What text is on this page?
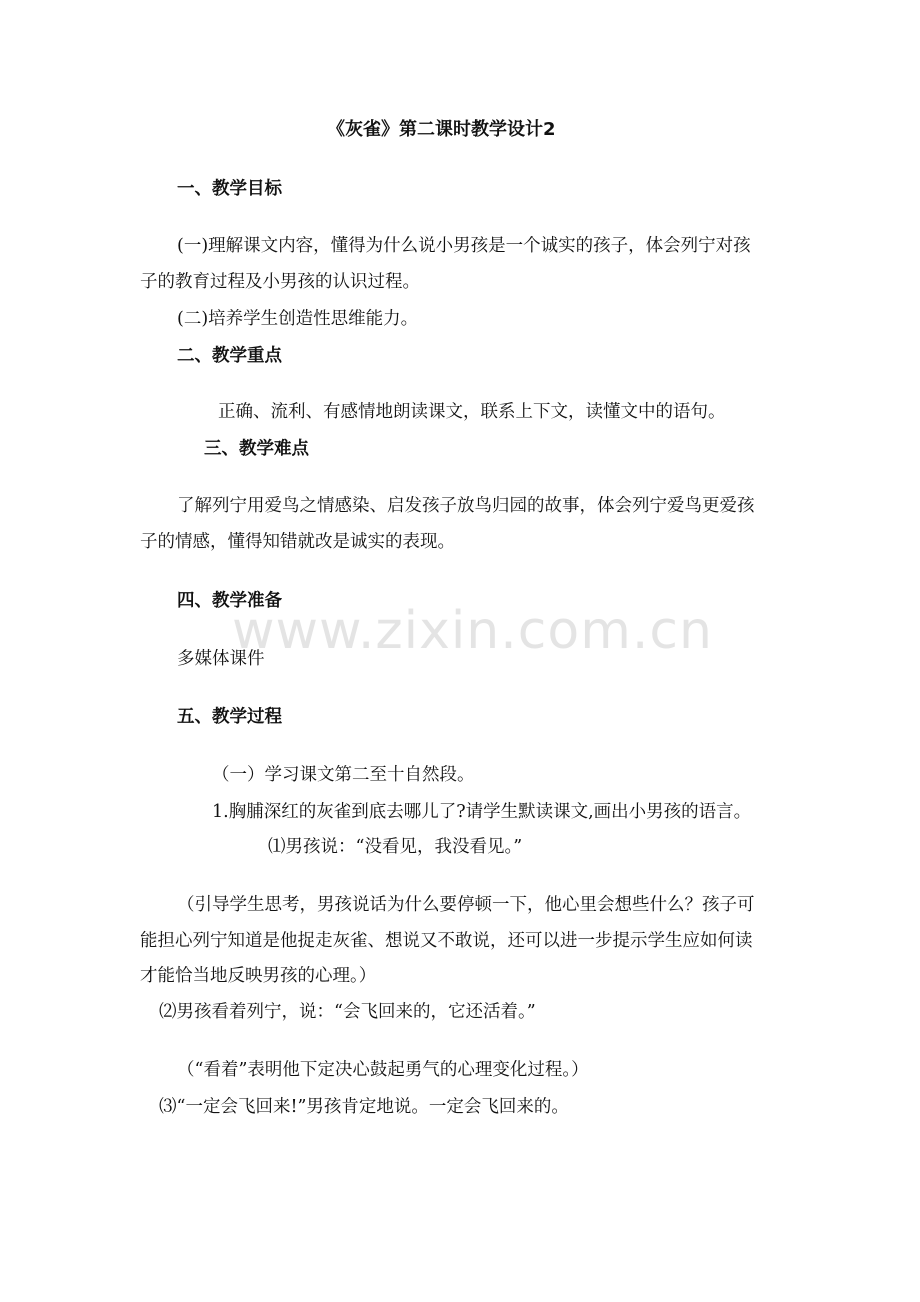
www.zixin.com.cn
《灰雀》第二课时教学设计2
一、教学目标
(一)理解课文内容，懂得为什么说小男孩是一个诚实的孩子，体会列宁对孩
子的教育过程及小男孩的认识过程。
(二)培养学生创造性思维能力。
二、教学重点
正确、流利、有感情地朗读课文，联系上下文，读懂文中的语句。
三、教学难点
了解列宁用爱鸟之情感染、启发孩子放鸟归园的故事，体会列宁爱鸟更爱孩
子的情感，懂得知错就改是诚实的表现。
四、教学准备
多媒体课件
五、教学过程
（一）学习课文第二至十自然段。
1.胸脯深红的灰雀到底去哪儿了?请学生默读课文,画出小男孩的语言。
⑴男孩说：“没看见，我没看见。”
（引导学生思考，男孩说话为什么要停顿一下，他心里会想些什么？孩子可
能担心列宁知道是他捉走灰雀、想说又不敢说，还可以进一步提示学生应如何读
才能恰当地反映男孩的心理。）
⑵男孩看着列宁，说：“会飞回来的，它还活着。”
（“看着”表明他下定决心鼓起勇气的心理变化过程。）
⑶“一定会飞回来!”男孩肯定地说。一定会飞回来的。
